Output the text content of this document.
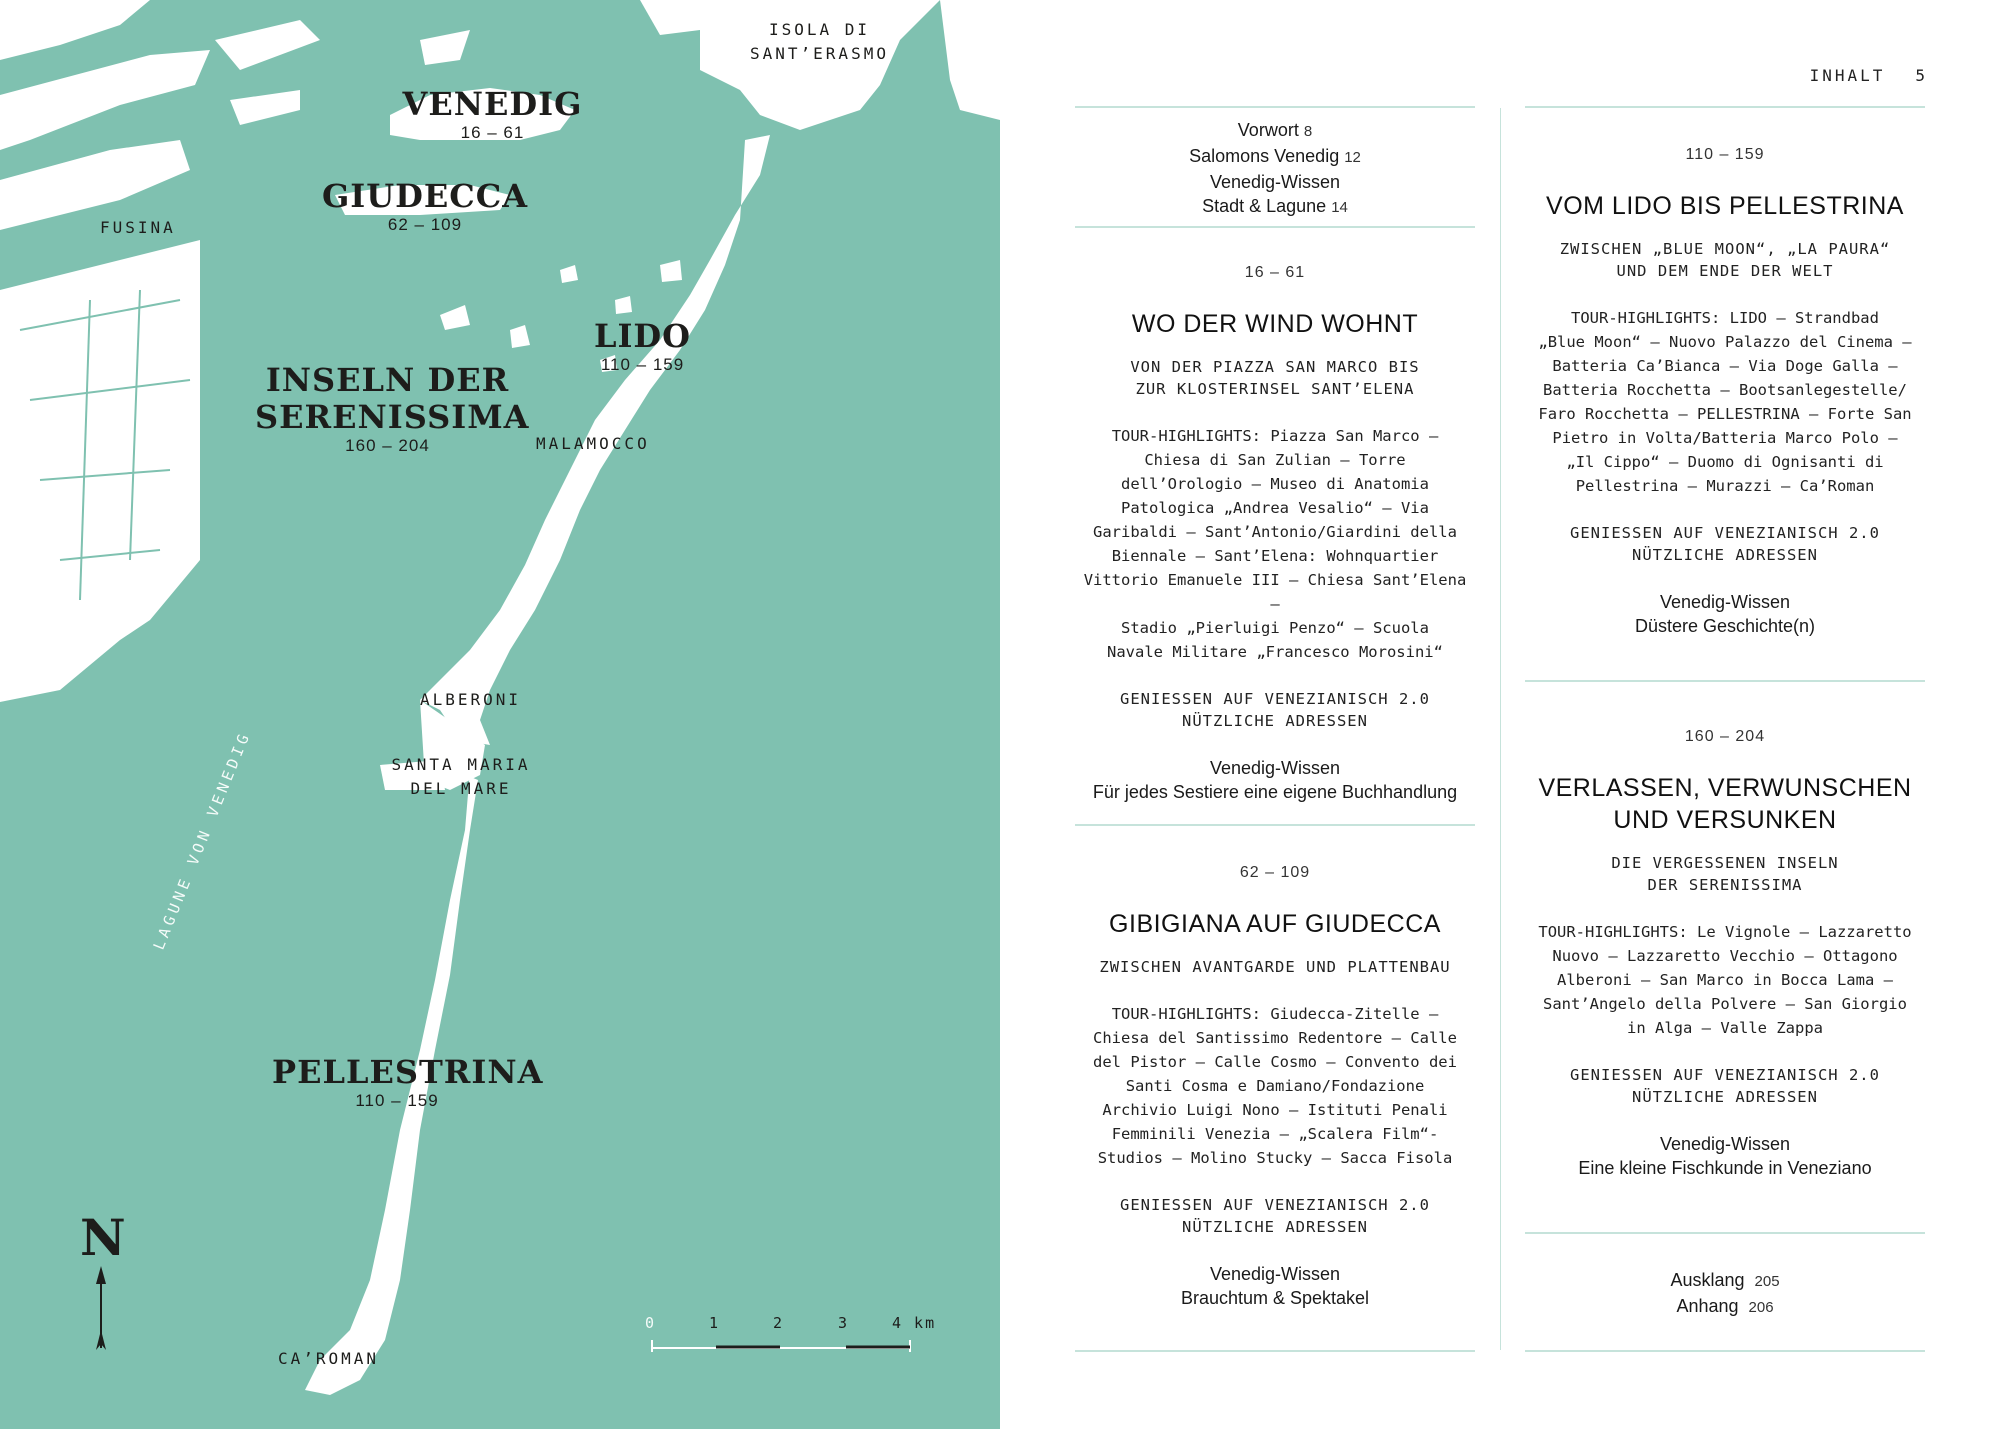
ISOLA DI
SANT’ERASMO
VENEDIG
16 – 61
GIUDECCA
62 – 109
FUSINA
LIDO
110 – 159
INSELN DER
SERENISSIMA
160 – 204	MALAMOCCO
ALBERONI
SANTA MARIA
DEL MARE
LAGUNE VON VENEDIG
PELLESTRINA
110 – 159
CA’ROMAN
N
0	1	2	3	4 km
INHALT 5
Vorwort 8
Salomons Venedig 12
Venedig-Wissen
Stadt & Lagune 14
16 – 61
WO DER WIND WOHNT
VON DER PIAZZA SAN MARCO BIS
ZUR KLOSTERINSEL SANT’ELENA
TOUR-HIGHLIGHTS: Piazza San Marco –
Chiesa di San Zulian – Torre
dell’Orologio – Museo di Anatomia
Patologica „Andrea Vesalio“ – Via
Garibaldi – Sant’Antonio/Giardini della
Biennale – Sant’Elena: Wohnquartier
Vittorio Emanuele III – Chiesa Sant’Elena –
Stadio „Pierluigi Penzo“ – Scuola
Navale Militare „Francesco Morosini“
GENIESSEN AUF VENEZIANISCH 2.0
NÜTZLICHE ADRESSEN
Venedig-Wissen
Für jedes Sestiere eine eigene Buchhandlung
62 – 109
GIBIGIANA AUF GIUDECCA
ZWISCHEN AVANTGARDE UND PLATTENBAU
TOUR-HIGHLIGHTS: Giudecca-Zitelle –
Chiesa del Santissimo Redentore – Calle
del Pistor – Calle Cosmo – Convento dei
Santi Cosma e Damiano/Fondazione
Archivio Luigi Nono – Istituti Penali
Femminili Venezia – „Scalera Film“-
Studios – Molino Stucky – Sacca Fisola
GENIESSEN AUF VENEZIANISCH 2.0
NÜTZLICHE ADRESSEN
Venedig-Wissen
Brauchtum & Spektakel
110 – 159
VOM LIDO BIS PELLESTRINA
ZWISCHEN „BLUE MOON“, „LA PAURA“
UND DEM ENDE DER WELT
TOUR-HIGHLIGHTS: LIDO – Strandbad
„Blue Moon“ – Nuovo Palazzo del Cinema –
Batteria Ca’Bianca – Via Doge Galla –
Batteria Rocchetta – Bootsanlegestelle/
Faro Rocchetta – PELLESTRINA – Forte San
Pietro in Volta/Batteria Marco Polo –
„Il Cippo“ – Duomo di Ognisanti di
Pellestrina – Murazzi – Ca’Roman
GENIESSEN AUF VENEZIANISCH 2.0
NÜTZLICHE ADRESSEN
Venedig-Wissen
Düstere Geschichte(n)
160 – 204
VERLASSEN, VERWUNSCHEN
UND VERSUNKEN
DIE VERGESSENEN INSELN
DER SERENISSIMA
TOUR-HIGHLIGHTS: Le Vignole – Lazzaretto
Nuovo – Lazzaretto Vecchio – Ottagono
Alberoni – San Marco in Bocca Lama –
Sant’Angelo della Polvere – San Giorgio
in Alga – Valle Zappa
GENIESSEN AUF VENEZIANISCH 2.0
NÜTZLICHE ADRESSEN
Venedig-Wissen
Eine kleine Fischkunde in Veneziano
Ausklang 205
Anhang 206
